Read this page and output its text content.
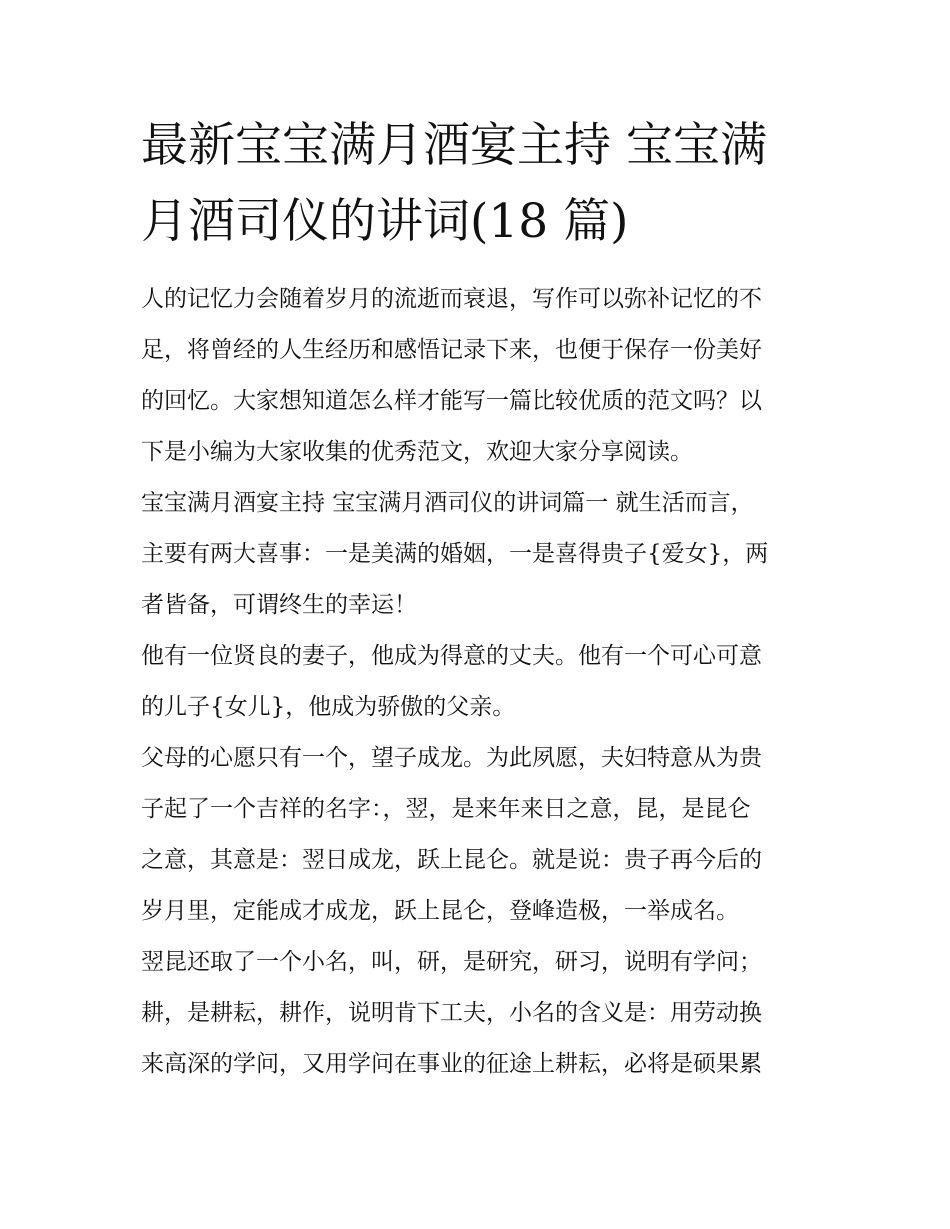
最新宝宝满月酒宴主持 宝宝满
月酒司仪的讲词(18 篇)
人的记忆力会随着岁月的流逝而衰退，写作可以弥补记忆的不
足，将曾经的人生经历和感悟记录下来，也便于保存一份美好
的回忆。大家想知道怎么样才能写一篇比较优质的范文吗？以
下是小编为大家收集的优秀范文，欢迎大家分享阅读。
宝宝满月酒宴主持 宝宝满月酒司仪的讲词篇一 就生活而言，
主要有两大喜事：一是美满的婚姻，一是喜得贵子{爱女}，两
者皆备，可谓终生的幸运！
他有一位贤良的妻子，他成为得意的丈夫。他有一个可心可意
的儿子{女儿}，他成为骄傲的父亲。
父母的心愿只有一个，望子成龙。为此夙愿，夫妇特意从为贵
子起了一个吉祥的名字：，翌，是来年来日之意，昆，是昆仑
之意，其意是：翌日成龙，跃上昆仑。就是说：贵子再今后的
岁月里，定能成才成龙，跃上昆仑，登峰造极，一举成名。
翌昆还取了一个小名，叫，研，是研究，研习，说明有学问；
耕，是耕耘，耕作，说明肯下工夫，小名的含义是：用劳动换
来高深的学问，又用学问在事业的征途上耕耘，必将是硕果累
